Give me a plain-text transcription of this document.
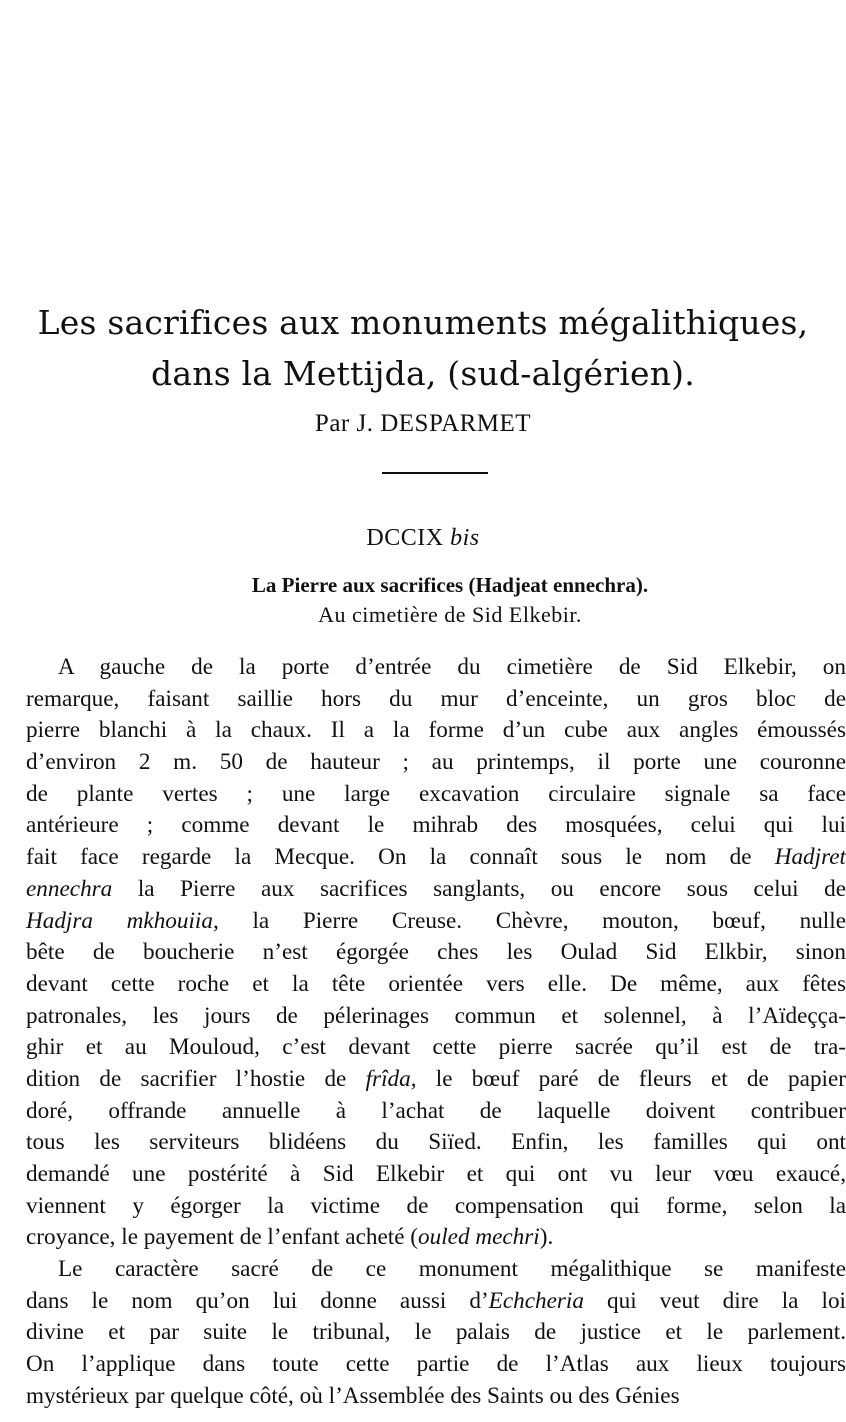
Les sacrifices aux monuments mégalithiques,
dans la Mettijda, (sud-algérien).
Par J. DESPARMET
DCCIX bis
La Pierre aux sacrifices (Hadjeat ennechra).
Au cimetière de Sid Elkebir.
A gauche de la porte d’entrée du cimetière de Sid Elkebir, on
remarque, faisant saillie hors du mur d’enceinte, un gros bloc de
pierre blanchi à la chaux. Il a la forme d’un cube aux angles émoussés
d’environ 2 m. 50 de hauteur ; au printemps, il porte une couronne
de plante vertes ; une large excavation circulaire signale sa face
antérieure ; comme devant le mihrab des mosquées, celui qui lui
fait face regarde la Mecque. On la connaît sous le nom de Hadjret
ennechra la Pierre aux sacrifices sanglants, ou encore sous celui de
Hadjra mkhouiia, la Pierre Creuse. Chèvre, mouton, bœuf, nulle
bête de boucherie n’est égorgée ches les Oulad Sid Elkbir, sinon
devant cette roche et la tête orientée vers elle. De même, aux fêtes
patronales, les jours de pélerinages commun et solennel, à l’Aïdeçça-
ghir et au Mouloud, c’est devant cette pierre sacrée qu’il est de tra-
dition de sacrifier l’hostie de frîda, le bœuf paré de fleurs et de papier
doré, offrande annuelle à l’achat de laquelle doivent contribuer
tous les serviteurs blidéens du Siïed. Enfin, les familles qui ont
demandé une postérité à Sid Elkebir et qui ont vu leur vœu exaucé,
viennent y égorger la victime de compensation qui forme, selon la
croyance, le payement de l’enfant acheté (ouled mechri).
Le caractère sacré de ce monument mégalithique se manifeste
dans le nom qu’on lui donne aussi d’Echcheria qui veut dire la loi
divine et par suite le tribunal, le palais de justice et le parlement.
On l’applique dans toute cette partie de l’Atlas aux lieux toujours
mystérieux par quelque côté, où l’Assemblée des Saints ou des Génies
